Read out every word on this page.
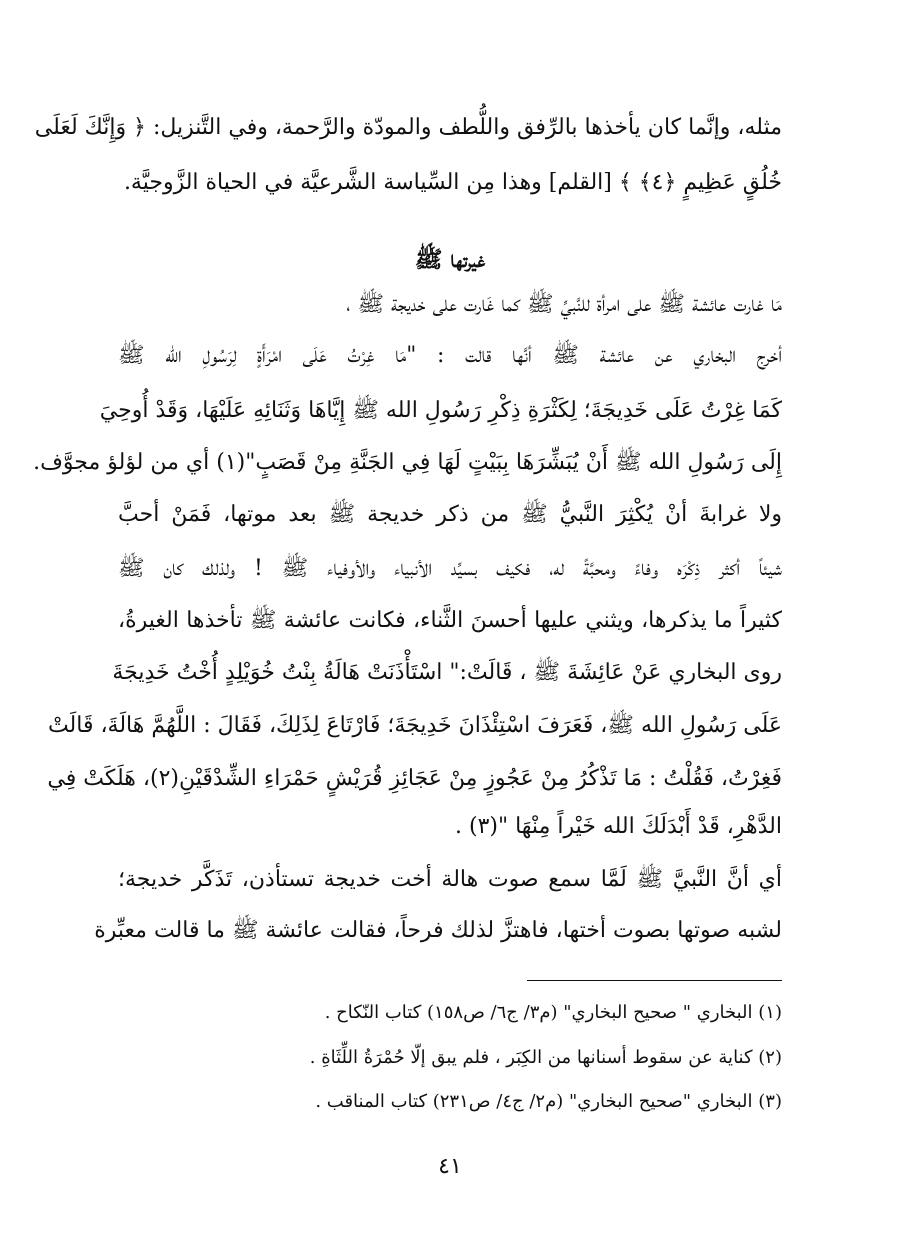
مثله، وإنَّما كان يأخذها بالرِّفق واللُّطف والمودّة والرَّحمة، وفي التَّنزيل: ﴿ وَإِنَّكَ لَعَلَى
خُلُقٍ عَظِيمٍ ﴿٤﴾ ﴾ [القلم] وهذا مِن السِّياسة الشَّرعيَّة في الحياة الزَّوجيَّة.
غيرتها ﷺ
مَا غارت عائشة ﷺ على امرأة للنَّبيِّ ﷺ كما غَارت على خديجة ﷺ ،
أخرج البخاري عن عائشة ﷺ أنَّها قالت : "مَا غِرْتُ عَلَى امْرَأَةٍ لِرَسُولِ الله ﷺ
كَمَا غِرْتُ عَلَى خَدِيجَةَ؛ لِكَثْرَةِ ذِكْرِ رَسُولِ الله ﷺ إِيَّاهَا وَثَنَائِهِ عَلَيْهَا، وَقَدْ أُوحِيَ
إِلَى رَسُولِ الله ﷺ أَنْ يُبَشِّرَهَا بِبَيْتٍ لَهَا فِي الجَنَّةِ مِنْ قَصَبٍ"(١) أي من لؤلؤ مجوَّف.
ولا غرابةَ أنْ يُكْثِرَ النَّبيُّ ﷺ من ذكر خديجة ﷺ بعد موتها، فَمَنْ أحبَّ
شيئاً أكثر ذِكْرَه وفاءً ومحبَّةً له، فكيف بسيِّد الأنبياء والأوفياء ﷺ ! ولذلك كان ﷺ
كثيراً ما يذكرها، ويثني عليها أحسنَ الثَّناء، فكانت عائشة ﷺ تأخذها الغيرةُ،
روى البخاري عَنْ عَائِشَةَ ﷺ ، قَالَتْ:" اسْتَأْذَنَتْ هَالَةُ بِنْتُ خُوَيْلِدٍ أُخْتُ خَدِيجَةَ
عَلَى رَسُولِ الله ﷺ، فَعَرَفَ اسْتِئْذَانَ خَدِيجَةَ؛ فَارْتَاعَ لِذَلِكَ، فَقَالَ : اللَّهُمَّ هَالَةَ، قَالَتْ
فَغِرْتُ، فَقُلْتُ : مَا تَذْكُرُ مِنْ عَجُوزٍ مِنْ عَجَائِزِ قُرَيْشٍ حَمْرَاءِ الشِّدْقَيْنِ(٢)، هَلَكَتْ فِي
الدَّهْرِ، قَدْ أَبْدَلَكَ الله خَيْراً مِنْهَا "(٣) .
أي أنَّ النَّبيَّ ﷺ لَمَّا سمع صوت هالة أخت خديجة تستأذن، تَذَكَّر خديجة؛
لشبه صوتها بصوت أختها، فاهتزَّ لذلك فرحاً، فقالت عائشة ﷺ ما قالت معبِّرة
(١) البخاري " صحيح البخاري" (م٣/ ج٦/ ص١٥٨) كتاب النّكاح .
(٢) كناية عن سقوط أسنانها من الكِبَر ، فلم يبق إلّا حُمْرَةُ اللِّثَاةِ .
(٣) البخاري "صحيح البخاري" (م٢/ ج٤/ ص٢٣١) كتاب المناقب .
٤١
